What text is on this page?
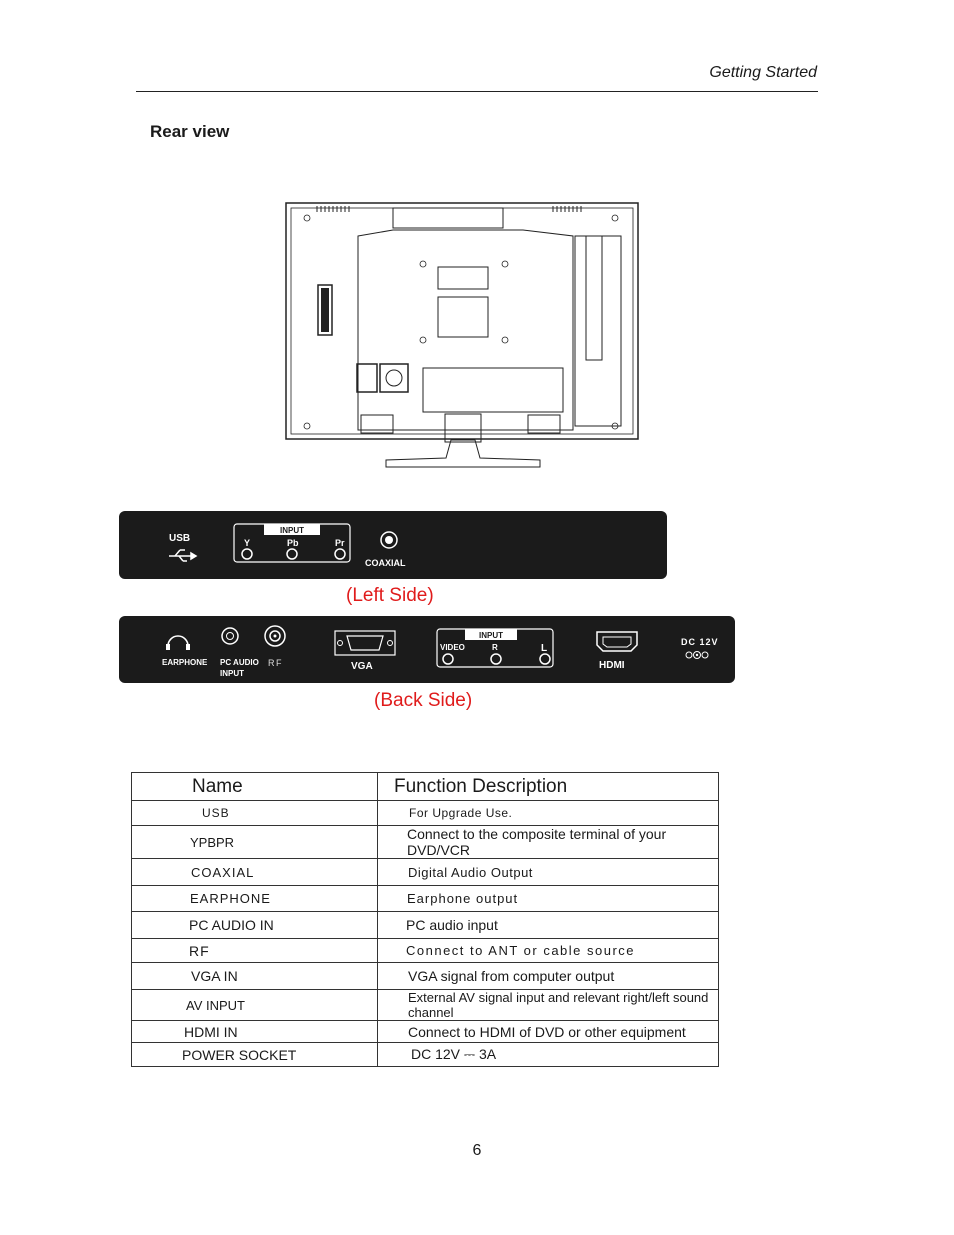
Getting Started
Rear view
USB
INPUT
Y	Pb	Pr
COAXIAL
(Left Side)
EARPHONE PC AUDIO
INPUT
RF	VGA
INPUT
VIDEO	R	L
HDMI
DC 12V
(Back Side)
Name	Function Description
USB	For Upgrade Use.
YPBPR	Connect to the composite terminal of your DVD/VCR
COAXIAL	Digital Audio Output
EARPHONE	Earphone output
PC AUDIO IN	PC audio input
RF	Connect to ANT or cable source
VGA IN	VGA signal from computer output
AV INPUT	External AV signal input and relevant right/left sound channel
HDMI IN	Connect to HDMI of DVD or other equipment
POWER SOCKET	DC 12V ⎓ 3A
6
